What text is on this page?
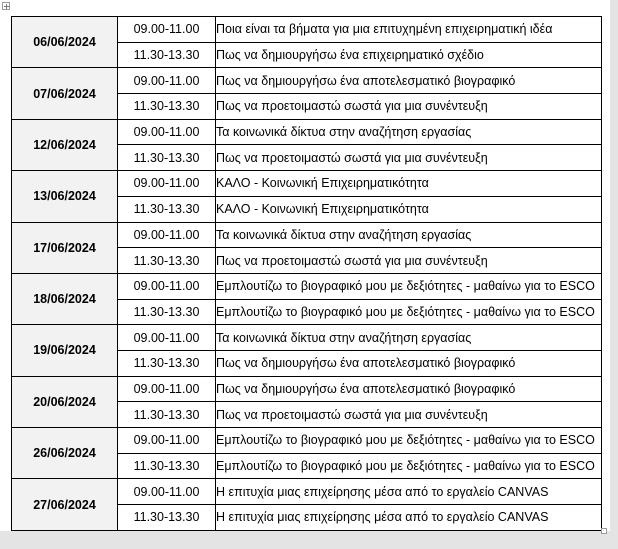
06/06/2024	09.00-11.00	Ποια είναι τα βήματα για μια επιτυχημένη επιχειρηματική ιδέα
	11.30-13.30	Πως να δημιουργήσω ένα επιχειρηματικό σχέδιο
07/06/2024	09.00-11.00	Πως να δημιουργήσω ένα αποτελεσματικό βιογραφικό
	11.30-13.30	Πως να προετοιμαστώ σωστά για μια συνέντευξη
12/06/2024	09.00-11.00	Τα κοινωνικά δίκτυα στην αναζήτηση εργασίας
	11.30-13.30	Πως να προετοιμαστώ σωστά για μια συνέντευξη
13/06/2024	09.00-11.00	ΚΑΛΟ - Κοινωνική Επιχειρηματικότητα
	11.30-13.30	ΚΑΛΟ - Κοινωνική Επιχειρηματικότητα
17/06/2024	09.00-11.00	Τα κοινωνικά δίκτυα στην αναζήτηση εργασίας
	11.30-13.30	Πως να προετοιμαστώ σωστά για μια συνέντευξη
18/06/2024	09.00-11.00	Εμπλουτίζω το βιογραφικό μου με δεξιότητες - μαθαίνω για το ESCO
	11.30-13.30	Εμπλουτίζω το βιογραφικό μου με δεξιότητες - μαθαίνω για το ESCO
19/06/2024	09.00-11.00	Τα κοινωνικά δίκτυα στην αναζήτηση εργασίας
	11.30-13.30	Πως να δημιουργήσω ένα αποτελεσματικό βιογραφικό
20/06/2024	09.00-11.00	Πως να δημιουργήσω ένα αποτελεσματικό βιογραφικό
	11.30-13.30	Πως να προετοιμαστώ σωστά για μια συνέντευξη
26/06/2024	09.00-11.00	Εμπλουτίζω το βιογραφικό μου με δεξιότητες - μαθαίνω για το ESCO
	11.30-13.30	Εμπλουτίζω το βιογραφικό μου με δεξιότητες - μαθαίνω για το ESCO
27/06/2024	09.00-11.00	Η επιτυχία μιας επιχείρησης μέσα από το εργαλείο CANVAS
	11.30-13.30	Η επιτυχία μιας επιχείρησης μέσα από το εργαλείο CANVAS
